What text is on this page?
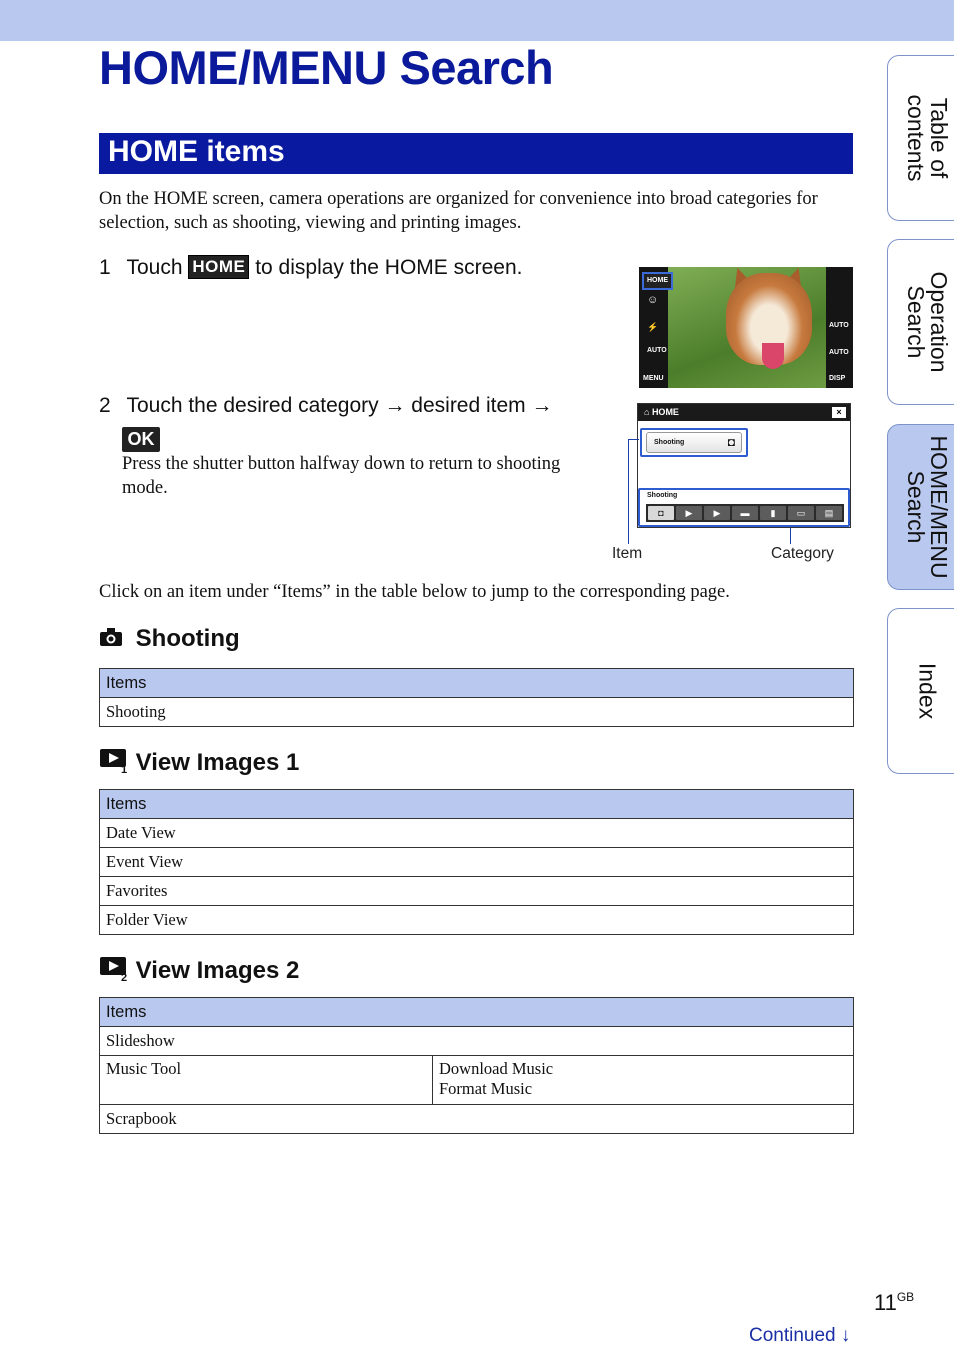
HOME/MENU Search
HOME items

On the HOME screen, camera operations are organized for convenience into broad categories for selection, such as shooting, viewing and printing images.

1 Touch HOME to display the HOME screen.
HOME
☺
⚡
AUTO
MENU
AUTO
AUTO
DISP
2 Touch the desired category → desired item →
OK

Press the shutter button halfway down to return to shooting mode.

⌂ HOME	×
Shooting	◘
Shooting
◘	▶	▶	▬	▮	▭	▤
Item	Category

Click on an item under “Items” in the table below to jump to the corresponding page.

Shooting
Items
Shooting
1 View Images 1
Items
Date View
Event View
Favorites
Folder View
2 View Images 2
Items
Slideshow
Music Tool	Download Music
Format Music

Scrapbook
Table of
contents
Operation
Search
HOME/MENU
Search
Index
$11^{GB}$
Continued ↓
